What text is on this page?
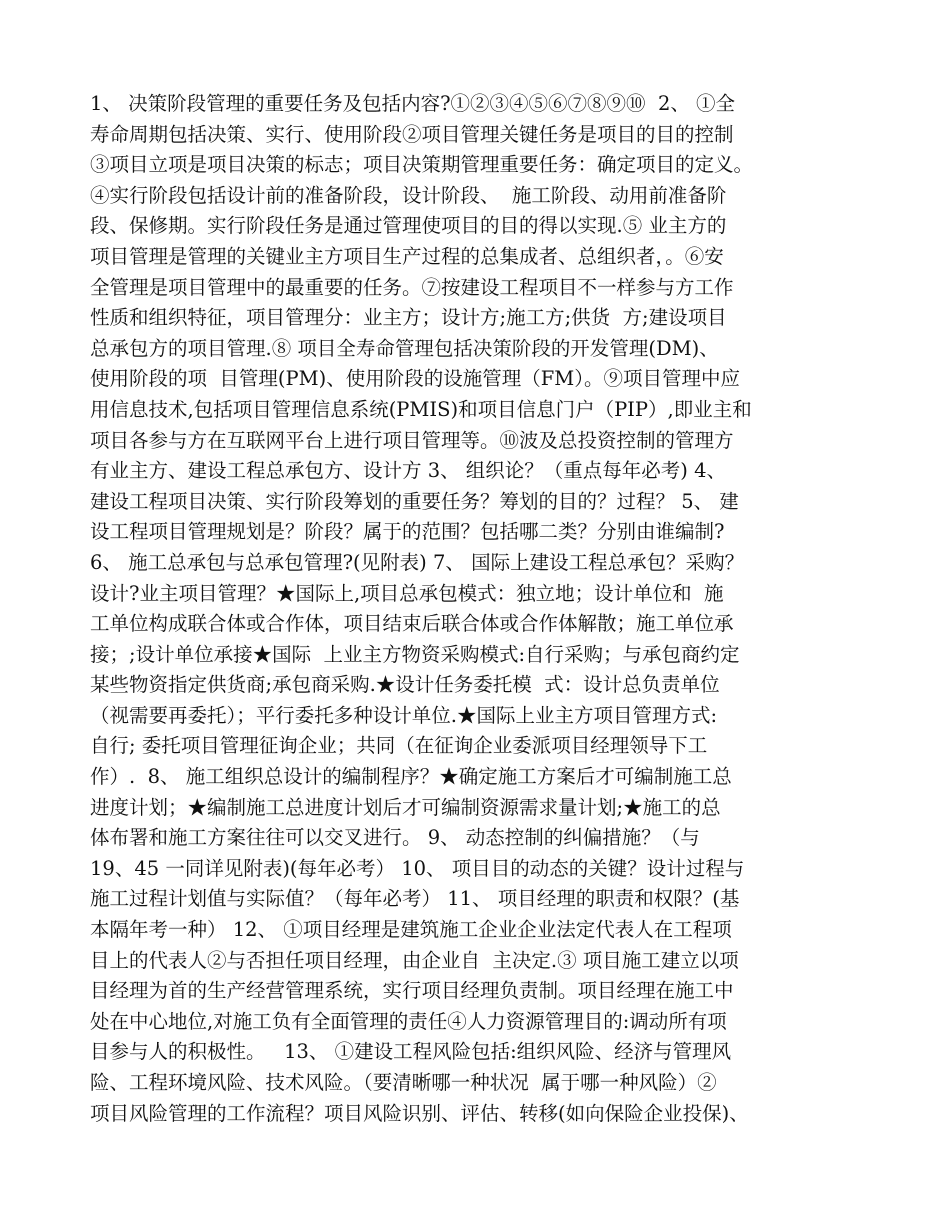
1、 决策阶段管理的重要任务及包括内容?①②③④⑤⑥⑦⑧⑨⑩  2、 ①全
寿命周期包括决策、实行、使用阶段②项目管理关键任务是项目的目的控制
③项目立项是项目决策的标志；项目决策期管理重要任务：确定项目的定义。
④实行阶段包括设计前的准备阶段，设计阶段、  施工阶段、动用前准备阶
段、保修期。实行阶段任务是通过管理使项目的目的得以实现.⑤ 业主方的
项目管理是管理的关键业主方项目生产过程的总集成者、总组织者，。⑥安
全管理是项目管理中的最重要的任务。⑦按建设工程项目不一样参与方工作
性质和组织特征，项目管理分：业主方；设计方;施工方;供货  方;建设项目
总承包方的项目管理.⑧ 项目全寿命管理包括决策阶段的开发管理(DM)、
使用阶段的项  目管理(PM)、使用阶段的设施管理（FM）。⑨项目管理中应
用信息技术,包括项目管理信息系统(PMIS)和项目信息门户（PIP）,即业主和
项目各参与方在互联网平台上进行项目管理等。⑩波及总投资控制的管理方
有业主方、建设工程总承包方、设计方 3、 组织论？（重点每年必考) 4、
建设工程项目决策、实行阶段筹划的重要任务？筹划的目的？过程？ 5、 建
设工程项目管理规划是？阶段？属于的范围？包括哪二类？分别由谁编制?
6、 施工总承包与总承包管理?(见附表) 7、 国际上建设工程总承包？采购？
设计?业主项目管理？★国际上,项目总承包模式：独立地；设计单位和  施
工单位构成联合体或合作体，项目结束后联合体或合作体解散；施工单位承
接；;设计单位承接★国际  上业主方物资采购模式:自行采购；与承包商约定
某些物资指定供货商;承包商采购.★设计任务委托模  式：设计总负责单位
（视需要再委托）；平行委托多种设计单位.★国际上业主方项目管理方式:
自行; 委托项目管理征询企业；共同（在征询企业委派项目经理领导下工
作）.  8、 施工组织总设计的编制程序？★确定施工方案后才可编制施工总
进度计划；★编制施工总进度计划后才可编制资源需求量计划;★施工的总
体布署和施工方案往往可以交叉进行。 9、 动态控制的纠偏措施？（与
19、45 一同详见附表)(每年必考） 10、 项目目的动态的关键？设计过程与
施工过程计划值与实际值？（每年必考） 11、 项目经理的职责和权限？(基
本隔年考一种） 12、 ①项目经理是建筑施工企业企业法定代表人在工程项
目上的代表人②与否担任项目经理，由企业自  主决定.③ 项目施工建立以项
目经理为首的生产经营管理系统，实行项目经理负责制。项目经理在施工中
处在中心地位,对施工负有全面管理的责任④人力资源管理目的:调动所有项
目参与人的积极性。   13、 ①建设工程风险包括:组织风险、经济与管理风
险、工程环境风险、技术风险。（要清晰哪一种状况  属于哪一种风险）②
项目风险管理的工作流程？项目风险识别、评估、转移(如向保险企业投保)、
